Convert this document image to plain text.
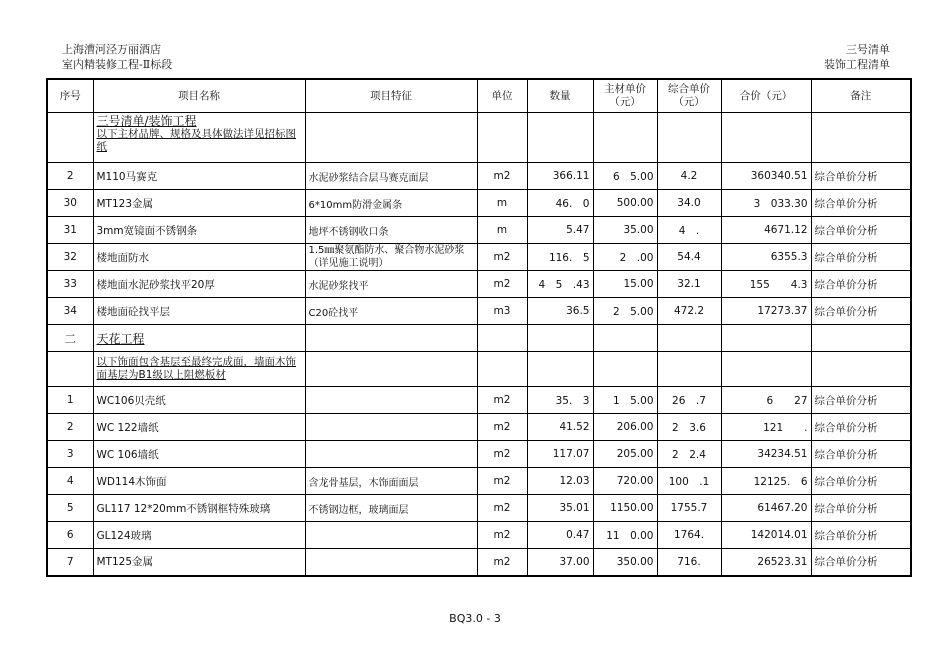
上海漕河泾万丽酒店
室内精装修工程-Ⅱ标段
三号清单
装饰工程清单
序号	项目名称	项目特征	单位	数量	主材单价（元）	综合单价（元）	合价（元）	备注

	三号清单/装饰工程
以下主材品牌、规格及具体做法详见招标图纸							

2	M110马赛克	水泥砂浆结合层马赛克面层	m2	366.11	6　5.00	4.2	360340.51	综合单价分析
30	MT123金属	6*10mm防滑金属条	m	46.　0	500.00	34.0	3　033.30	综合单价分析
31	3mm宽镜面不锈钢条	地坪不锈钢收口条	m	5.47	35.00	4　.	4671.12	综合单价分析
32	楼地面防水	1.5㎜聚氨酯防水、聚合物水泥砂浆（详见施工说明）	m2	116.　5	2　.00	54.4	6355.3	综合单价分析
33	楼地面水泥砂浆找平20厚	水泥砂浆找平	m2	4　5　.43	15.00	32.1	155　　4.3	综合单价分析
34	楼地面砼找平层	C20砼找平	m3	36.5	2　5.00	472.2	17273.37	综合单价分析
二	天花工程							
	以下饰面包含基层至最终完成面，墙面木饰面基层为B1级以上阻燃板材							
1	WC106贝壳纸		m2	35.　3	1　5.00	26　.7	6　　27	综合单价分析
2	WC 122墙纸		m2	41.52	206.00	2　3.6	121　　.	综合单价分析
3	WC 106墙纸		m2	117.07	205.00	2　2.4	34234.51	综合单价分析
4	WD114木饰面	含龙骨基层，木饰面面层	m2	12.03	720.00	100　.1	12125.　6	综合单价分析
5	GL117 12*20mm不锈钢框特殊玻璃	不锈钢边框，玻璃面层	m2	35.01	1150.00	1755.7	61467.20	综合单价分析
6	GL124玻璃		m2	0.47	11　0.00	1764.	142014.01	综合单价分析
7	MT125金属		m2	37.00	350.00	716.	26523.31	综合单价分析
BQ3.0 - 3
